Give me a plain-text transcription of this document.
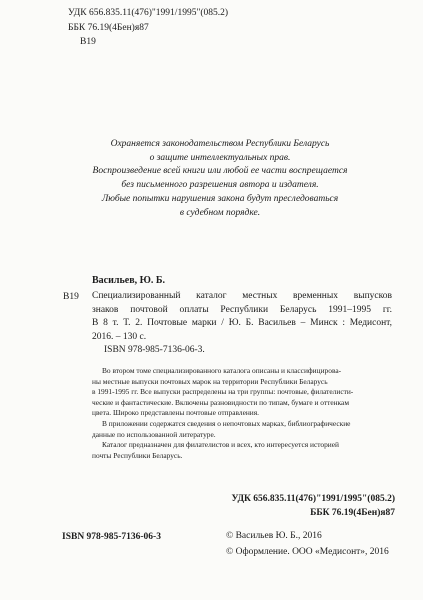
УДК 656.835.11(476)"1991/1995"(085.2)
ББК 76.19(4Бен)я87
В19
Охраняется законодательством Республики Беларусь
о защите интеллектуальных прав.
Воспроизведение всей книги или любой ее части воспрещается
без письменного разрешения автора и издателя.
Любые попытки нарушения закона будут преследоваться
в судебном порядке.
Васильев, Ю. Б.
В19 Специализированный каталог местных временных выпусков
знаков почтовой оплаты Республики Беларусь 1991–1995 гг.
В 8 т. Т. 2. Почтовые марки / Ю. Б. Васильев – Минск : Медисонт,
2016. – 130 с.
ISBN 978-985-7136-06-3.

Во втором томе специализированного каталога описаны и классифицирова-
ны местные выпуски почтовых марок на территории Республики Беларусь
в 1991-1995 гг. Все выпуски распределены на три группы: почтовые, филателисти-
ческие и фантастические. Включены разновидности по типам, бумаге и оттенкам
цвета. Широко представлены почтовые отправления.

В приложении содержатся сведения о непочтовых марках, библиографические
данные по использованной литературе.

Каталог предназначен для филателистов и всех, кто интересуется историей
почты Республики Беларусь.

УДК 656.835.11(476)"1991/1995"(085.2)
ББК 76.19(4Бен)я87
ISBN 978-985-7136-06-3	© Васильев Ю. Б., 2016
© Оформление. ООО «Медисонт», 2016
